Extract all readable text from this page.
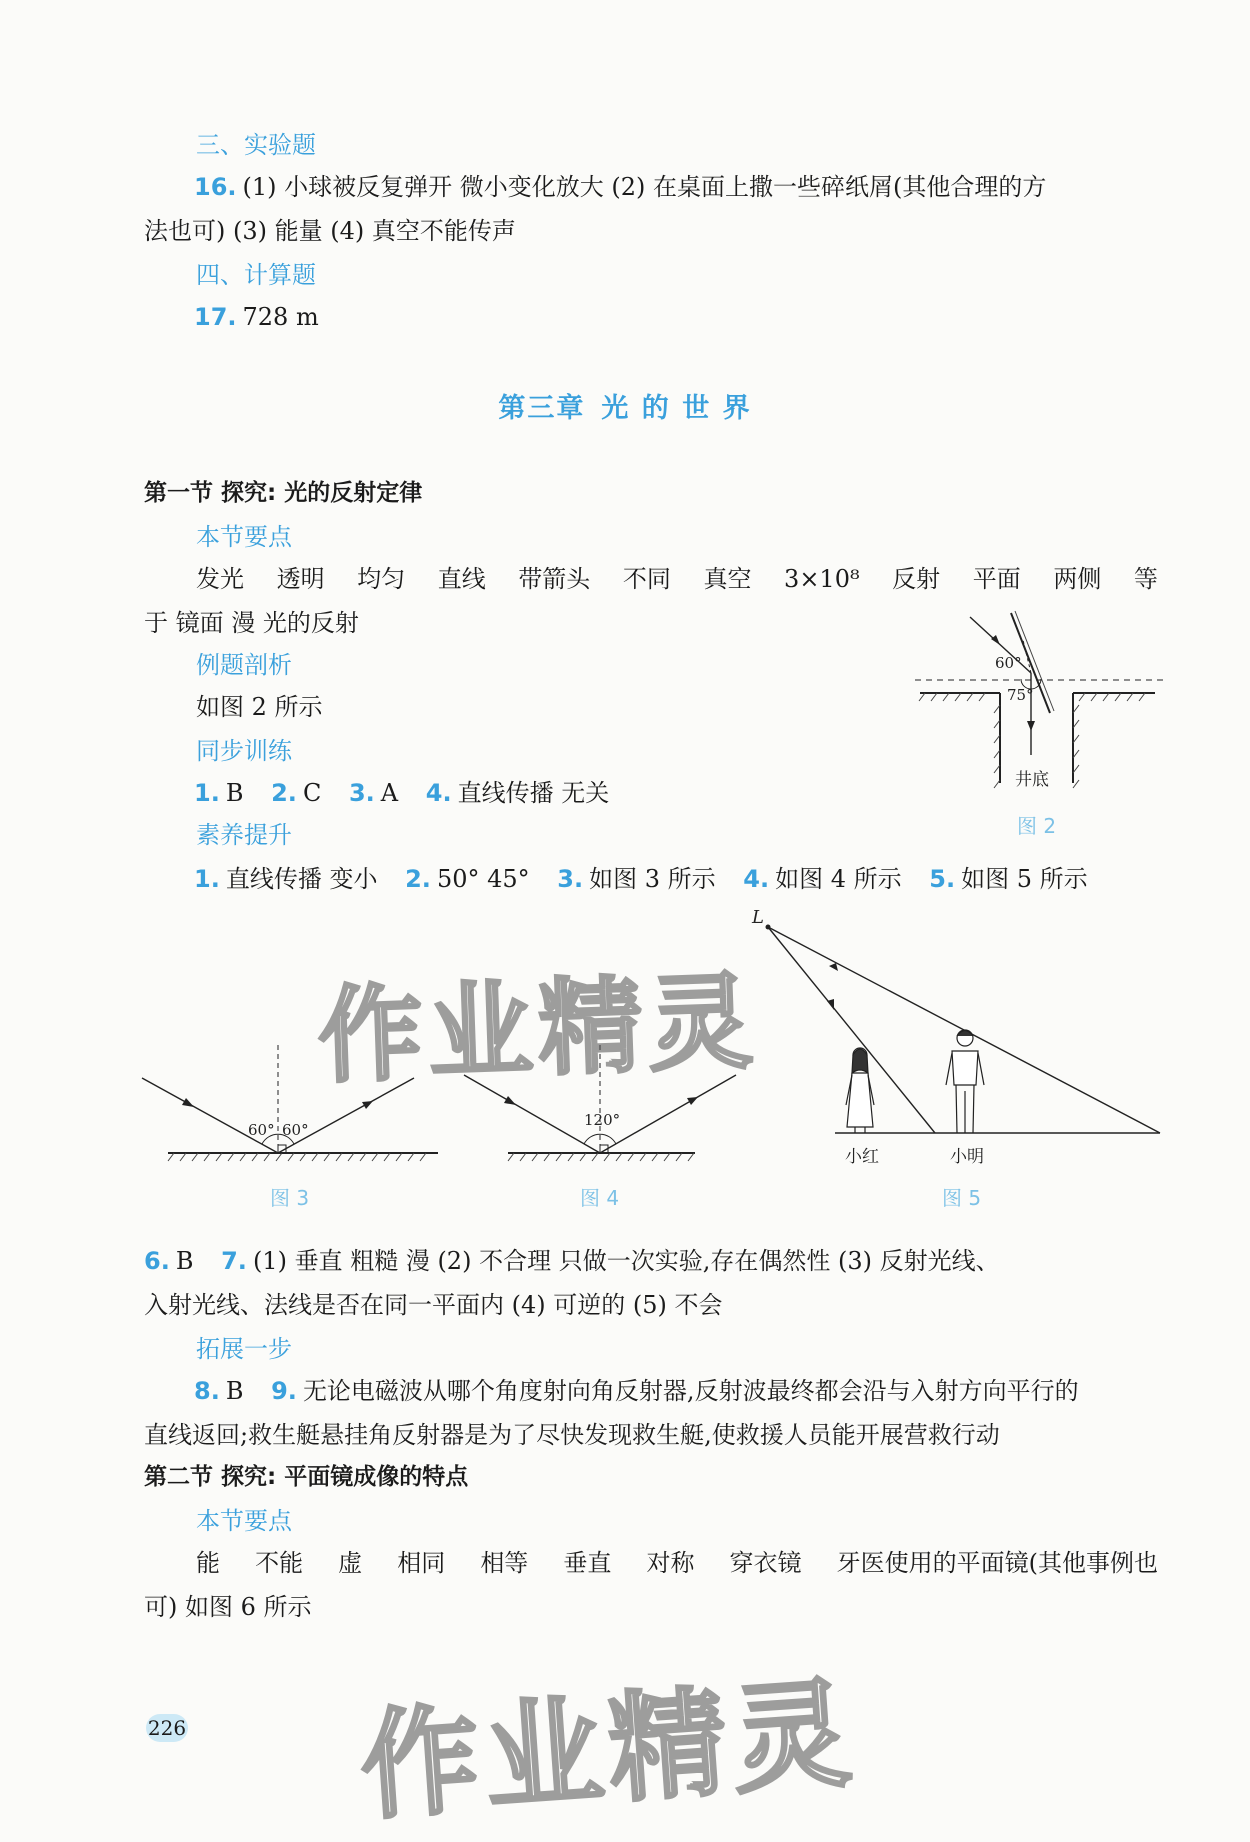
三、实验题
16. (1) 小球被反复弹开 微小变化放大 (2) 在桌面上撒一些碎纸屑(其他合理的方
法也可) (3) 能量 (4) 真空不能传声
四、计算题
17. 728 m
第三章 光 的 世 界
第一节 探究: 光的反射定律
本节要点
发光 透明 均匀 直线 带箭头 不同 真空 3×10⁸ 反射 平面 两侧 等
于 镜面 漫 光的反射
例题剖析
如图 2 所示
同步训练
1. B 2. C 3. A 4. 直线传播 无关
素养提升
1. 直线传播 变小 2. 50° 45° 3. 如图 3 所示 4. 如图 4 所示 5. 如图 5 所示
60°
75°
井底
图 2
60° 60°
图 3
120°
图 4
L
小红	小明
图 5
作业精灵
6. B 7. (1) 垂直 粗糙 漫 (2) 不合理 只做一次实验,存在偶然性 (3) 反射光线、
入射光线、法线是否在同一平面内 (4) 可逆的 (5) 不会
拓展一步
8. B 9. 无论电磁波从哪个角度射向角反射器,反射波最终都会沿与入射方向平行的
直线返回;救生艇悬挂角反射器是为了尽快发现救生艇,使救援人员能开展营救行动
第二节 探究: 平面镜成像的特点
本节要点
能 不能 虚 相同 相等 垂直 对称 穿衣镜 牙医使用的平面镜(其他事例也
可) 如图 6 所示
作业精灵
226
